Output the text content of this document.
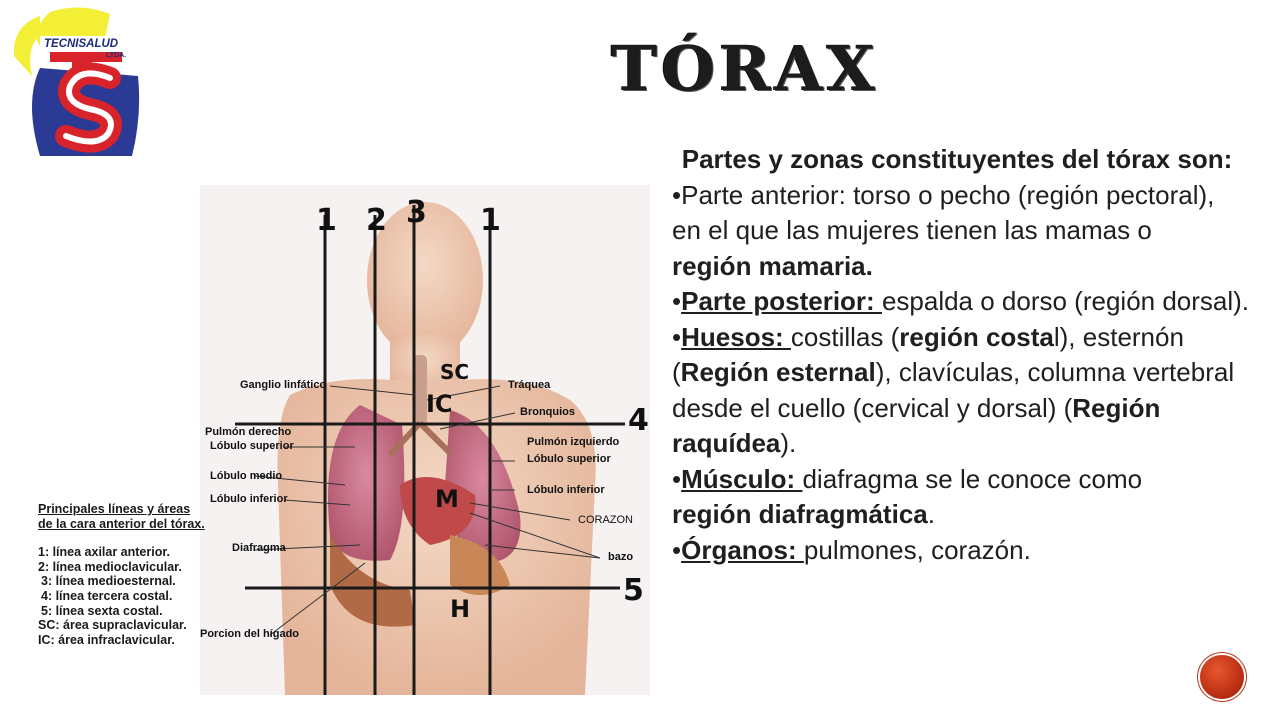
TECNISALUD
LTDA.	TÓRAX
1 2 3 1
4
5
SC
IC
M
H
Ganglio linfático	Tráquea
Bronquios
Pulmón derecho
Lóbulo superior
Lóbulo medio
Lóbulo inferior
Pulmón izquierdo
Lóbulo superior
Lóbulo inferior
CORAZON
Diafragma
bazo
Porcion del hígado
Principales líneas y áreas de la cara anterior del tórax.
1: línea axilar anterior.
2: línea medioclavicular.
3: línea medioesternal.
4: línea tercera costal.
5: línea sexta costal.
SC: área supraclavicular.
IC: área infraclavicular.

Partes y zonas constituyentes del tórax son:

•Parte anterior: torso o pecho (región pectoral), en el que las mujeres tienen las mamas o región mamaria.

•Parte posterior: espalda o dorso (región dorsal).

•Huesos: costillas (región costal), esternón (Región esternal), clavículas, columna vertebral desde el cuello (cervical y dorsal) (Región raquídea).

•Músculo: diafragma se le conoce como región diafragmática.

•Órganos: pulmones, corazón.
